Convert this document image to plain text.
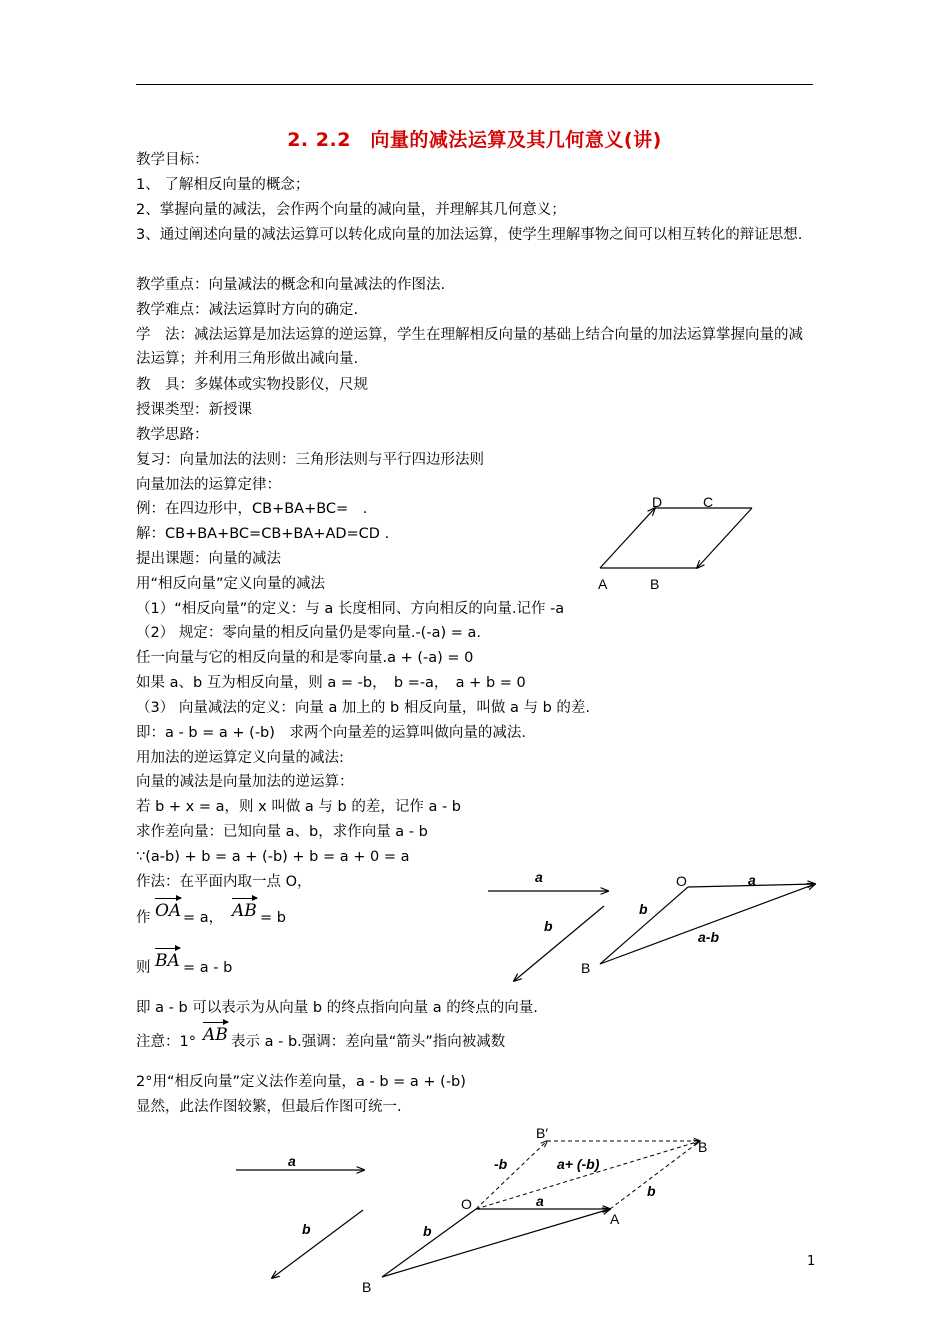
2. 2.2　向量的减法运算及其几何意义(讲)
教学目标：
1、 了解相反向量的概念；
2、掌握向量的减法，会作两个向量的减向量，并理解其几何意义；
3、通过阐述向量的减法运算可以转化成向量的加法运算，使学生理解事物之间可以相互转化的辩证思想.
教学重点：向量减法的概念和向量减法的作图法.
教学难点：减法运算时方向的确定.
学　法：减法运算是加法运算的逆运算，学生在理解相反向量的基础上结合向量的加法运算掌握向量的减法运算；并利用三角形做出减向量.
教　具：多媒体或实物投影仪，尺规
授课类型：新授课
教学思路：
复习：向量加法的法则：三角形法则与平行四边形法则
向量加法的运算定律：
例：在四边形中，CB+BA+BC=　.
解：CB+BA+BC=CB+BA+AD=CD .
提出课题：向量的减法
用“相反向量”定义向量的减法
（1）“相反向量”的定义：与 a 长度相同、方向相反的向量.记作 -a
（2） 规定：零向量的相反向量仍是零向量.-(-a) = a.
任一向量与它的相反向量的和是零向量.a + (-a) = 0
如果 a、b 互为相反向量，则 a = -b，　b =-a，　a + b = 0
（3） 向量减法的定义：向量 a 加上的 b 相反向量，叫做 a 与 b 的差.
即：a - b = a + (-b)　求两个向量差的运算叫做向量的减法.
用加法的逆运算定义向量的减法:
向量的减法是向量加法的逆运算：
若 b + x = a，则 x 叫做 a 与 b 的差，记作 a - b
求作差向量：已知向量 a、b，求作向量 a - b
∵(a-b) + b = a + (-b) + b = a + 0 = a
作法：在平面内取一点 O，
作 OA = a， AB = b
则 BA = a - b
即 a - b 可以表示为从向量 b 的终点指向向量 a 的终点的向量.
注意：1° AB 表示 a - b.强调：差向量“箭头”指向被减数
2°用“相反向量”定义法作差向量，a - b = a + (-b)
显然，此法作图较繁，但最后作图可统一.
1
D	C
A	B
a
b
O	a
b
a-b
B
a
b
B′
B
-b	a+ (-b)
b
O	a
A
b
B
